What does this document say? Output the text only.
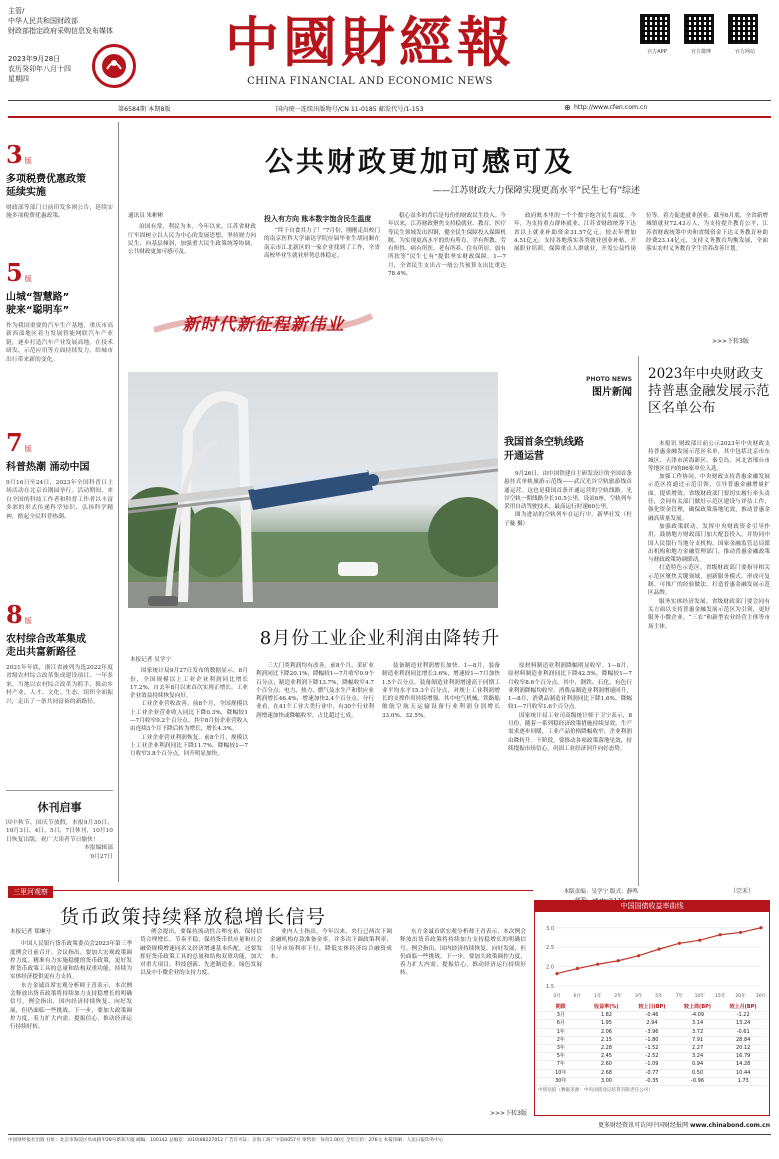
主管/
中华人民共和国财政部
财政部指定政府采购信息发布媒体
2023年9月28日
农历癸卯年八月十四
星期四
中國財經報
CHINA FINANCIAL AND ECONOMIC NEWS
官方APP	官方微博	官方网站
第6584期 本期8版	国内统一连续出版物号/CN 11-0185 邮发代号/1-153	⊕ http://www.cfen.com.cn
3 版
多项税费优惠政策
延续实施
财政部等部门日前印发多则公告，延续实施多项税费优惠政策。
5 版
山城“智慧路”
驶来“聪明车”
作为我国重要的汽车生产基地，重庆市高新西部地区着力发展智能网联汽车产业链，逐步打造汽车产业发展高地。在技术研发、示范应用等方面持续发力，给城市出行带来新的变化。
7 版
科普热潮 涌动中国
9月16日至24日，2023年全国科普日主场活动在北京首钢园举行。活动期间，来自全国的科技工作者和科普工作者以丰富多彩的形式传递科学知识、弘扬科学精神，掀起全民科普热潮。
8 版
农村综合改革集成
走出共富新路径
2021年年底，浙江省被列为选2022年度省级农村综合改革集成建设项目。一年多来，当地以农村综合改革为抓手，推动乡村产业、人才、文化、生态、组织全面振兴，走出了一条共同富裕的新路径。
休刊启事
因中秋节、国庆节放假，本报9月30日、10月3日、4日、5日、7日休刊，10月10日恢复出版。祝广大读者节日愉快！
本报编辑部
9月27日
公共财政更加可感可及
——江苏财政大力保障实现更高水平“民生七有”综述
通讯员 朱彬彬

治国有常，利民为本。今年以来，江苏省财政厅牢固树立以人民为中心的发展思想，坚持财力向民生、向基层倾斜，加强重大民生政策统筹协调，公共财政更加可感可及。

投入有方向 账本数字饱含民生温度

“终于自食其力了！”7月份，刚刚走出校门的南京医科大学康达学院应届毕业生胡同顺在南京市江北新区的一家企业找到了工作，全省高校毕业生就业形势总体稳定。

稳心益多的背后是每份的财政民生投入。今年以来，江苏财政聚焦支持稳就业、教育、医疗等民生领域发出四钢，健全民生保障投入保障机制，为实现更高水平的幼有所育、学有所教、劳有所得、病有所医、老有所养、住有所居、弱有所扶等“民生七有”提供坚实财政保障。1—7月，全省民生支出占一般公共预算支出比重达78.4%。

政府账本里的一个个数字饱含民生温度。今年，为支持重点群体就业，江苏省财政统筹下达省以上就业补助资金31.57亿元，较去年增加4.51亿元，支持各地落实各类就业创业补贴，开展职业培训，保障重点人群就业，开发公益性岗位等。着力促进就业创业。截至6月底，全省新增城镇就业72.43万人，为支持提升教育公平，江苏省财政统筹中央和省级资金下达义务教育补助经费23.14亿元，支持义务教育均衡发展，全面落实农村义务教育学生营养改善计划。

>>>下转3版
新时代新征程新伟业
PHOTO NEWS
图片新闻
我国首条空轨线路
开通运营
9月26日，由中国铁建自主研发设计的全国首条悬挂式单轨旅游示范线——武汉光谷空轨旅游线首通运营。这也是我国首条开通运营的空轨线路。光谷空轨一期线路全长10.5公里，设站6座。空轨列车采用自动驾驶技术，最高运行时速60公里。
图为进站的空轨列车在运行中。新华社发（杜子璇 摄）
2023年中央财政支持普惠金融发展示范区名单公布

本报讯 财政部日前公示2023年中央财政支持普惠金融发展示范区名单，其中包括北京市东城区、天津市滨海新区、秦皇岛、河北省邢台市等地区在内的86家单位入选。

加强工作协同，中央财政支持普惠金融发展示范区将通过示范引领，引导普惠金融增量扩面、提质增效。省级财政部门要切实履行牵头责任，会同有关部门做好示范区建设与评估工作，强化资金管理，确保政策落地见效，推动普惠金融高质量发展。

加强政策联动。发挥中央财政资金引导作用，鼓励地方财政部门加大配套投入，并协同中国人民银行当地分支机构、国家金融监管总局派出机构和地方金融管理部门，推动普惠金融政策与财政政策协调联动。

打造特色示范区。省级财政部门要指导相关示范区聚焦关键领域，创新服务模式，形成可复制、可推广的经验做法，打造普惠金融发展示范区品牌。

服务实体经济发展。省级财政部门要会同有关方面以支持普惠金融发展示范区为引领，更好服务小微企业、“三农”和新型农业经营主体等市场主体。

（宗禾）
8月份工业企业利润由降转升
本报记者 吴学宁

国家统计局9月27日发布的数据显示，8月份，全国规模以上工业企业利润同比增长17.2%，自去年8月以来首次实现正增长。工业企业效益持续恢复向好。

工业企业营收改善。前8个月，全国规模以上工业企业营业收入同比下降0.3%，降幅较1—7月收窄0.2个百分点。其中8月份企业营收入由连续3个月下降后转为增长，增长4.3%。

工业企业营业利润恢复。前8个月，规模以上工业企业利润同比下降11.7%，降幅较1—7月收窄3.8个百分点，回升明显加快。

三大门类利润均有改善。前8个月，采矿业利润同比下降20.1%，降幅较1—7月收窄0.9个百分点；制造业利润下降13.7%，降幅收窄4.7个百分点；电力、热力、燃气及水生产和供应业利润增长46.4%，增速加快2.4个百分点。分行业看，在41个工业大类行业中，有30个行业利润增速加快或降幅收窄，占比超过七成。

装备制造业利润增长加快。1—8月，装备制造业利润同比增长3.6%，增速较1—7月加快1.5个百分点，装备制造业利润增速高于同期工业平均水平15.3个百分点，对规上工业利润增长的支撑作用持续增强。其中电气机械、铁路船舶航空航天运输设备行业利润分别增长33.0%、32.5%。

原材料制造业利润降幅明显收窄。1—8月，原材料制造业利润同比下降42.5%，降幅较1—7月收窄8.6个百分点。其中，钢铁、石化、有色行业利润降幅均收窄。消费品制造业利润增速回升，1—8月，消费品制造业利润同比下降1.6%，降幅较1—7月收窄1.6个百分点。

国家统计局工业司高级统计师于卫宁表示，8月份，随着一系列稳经济政策措施持续显效，生产需求逐步回暖，工业产品价格降幅收窄，企业利润由降转升。下阶段，要推动各项政策落地见效，持续提振市场信心，巩固工业经济回升向好态势。

本版责编：吴学宁 版式：静鸣
三里河观察
货币政策持续释放稳增长信号
本报记者 郑琳兮

中国人民银行货币政策委员会2023年第三季度例会日前召开。会议指出，要加大宏观政策调控力度，精准有力实施稳健的货币政策，更好发挥货币政策工具的总量和结构双重功能，持续为实体经济提供更有力支持。

东方金诚首席宏观分析师王青表示，本次例会释放出货币政策将持续加力支持稳增长的明确信号。例会指出，国内经济持续恢复、向好发展，但仍面临一些挑战。下一步，要加大政策调控力度，着力扩大内需、提振信心，推动经济运行持续好转。

例会提出，要保持流动性合理充裕，保持信贷合理增长、节奏平稳，保持货币供应量和社会融资规模增速同名义经济增速基本匹配。还要发挥好货币政策工具的总量和结构双重功能，加大对重大项目、科技创新、先进制造业、绿色发展以及中小微企业的支持力度。

业内人士指出，今年以来，央行已两次下调金融机构存款准备金率，并多次下调政策利率，引导市场利率下行，降低实体经济综合融资成本。

东方金诚首席宏观分析师王青表示，本次例会释放出货币政策将持续加力支持稳增长的明确信号。例会指出，国内经济持续恢复、向好发展，但仍面临一些挑战。下一步，要加大政策调控力度，着力扩大内需、提振信心，推动经济运行持续好转。

>>>下转3版
中国国债收益率曲线
1.5
2.0
2.5
3.0
3月	6月	1年	2年	3年	5年	7年 10年 15年 20年 30年
期限	收益率(%)	较上日(BP)	较上周(BP)	较上月(BP)
3月	1.82	-0.46	-4.09	-1.22
6月	1.95	2.94	3.14	13.24
1年	2.06	-3.96	3.72	-0.61
2年	2.15	-1.80	7.91	28.84
3年	2.28	-1.52	2.27	20.12
5年	2.45	-2.52	3.24	16.79
7年	2.60	-1.09	0.94	14.28
10年	2.68	-0.77	0.50	10.44
30年	3.00	-0.35	-0.96	1.73
中债估值（数据来源：中央国债登记结算有限责任公司）
更多财经资讯可访问中国财经报网 www.chinabond.com.cn
中国财经报社出版 社址：北京市海淀区阜成路甲28号新知大厦 邮编：100142 总编室：(010)88227012 广告许可证：京海工商广字第0057号 零售价：每份1.00元 全年订价：276元 本报印刷：人民日报印务中心
